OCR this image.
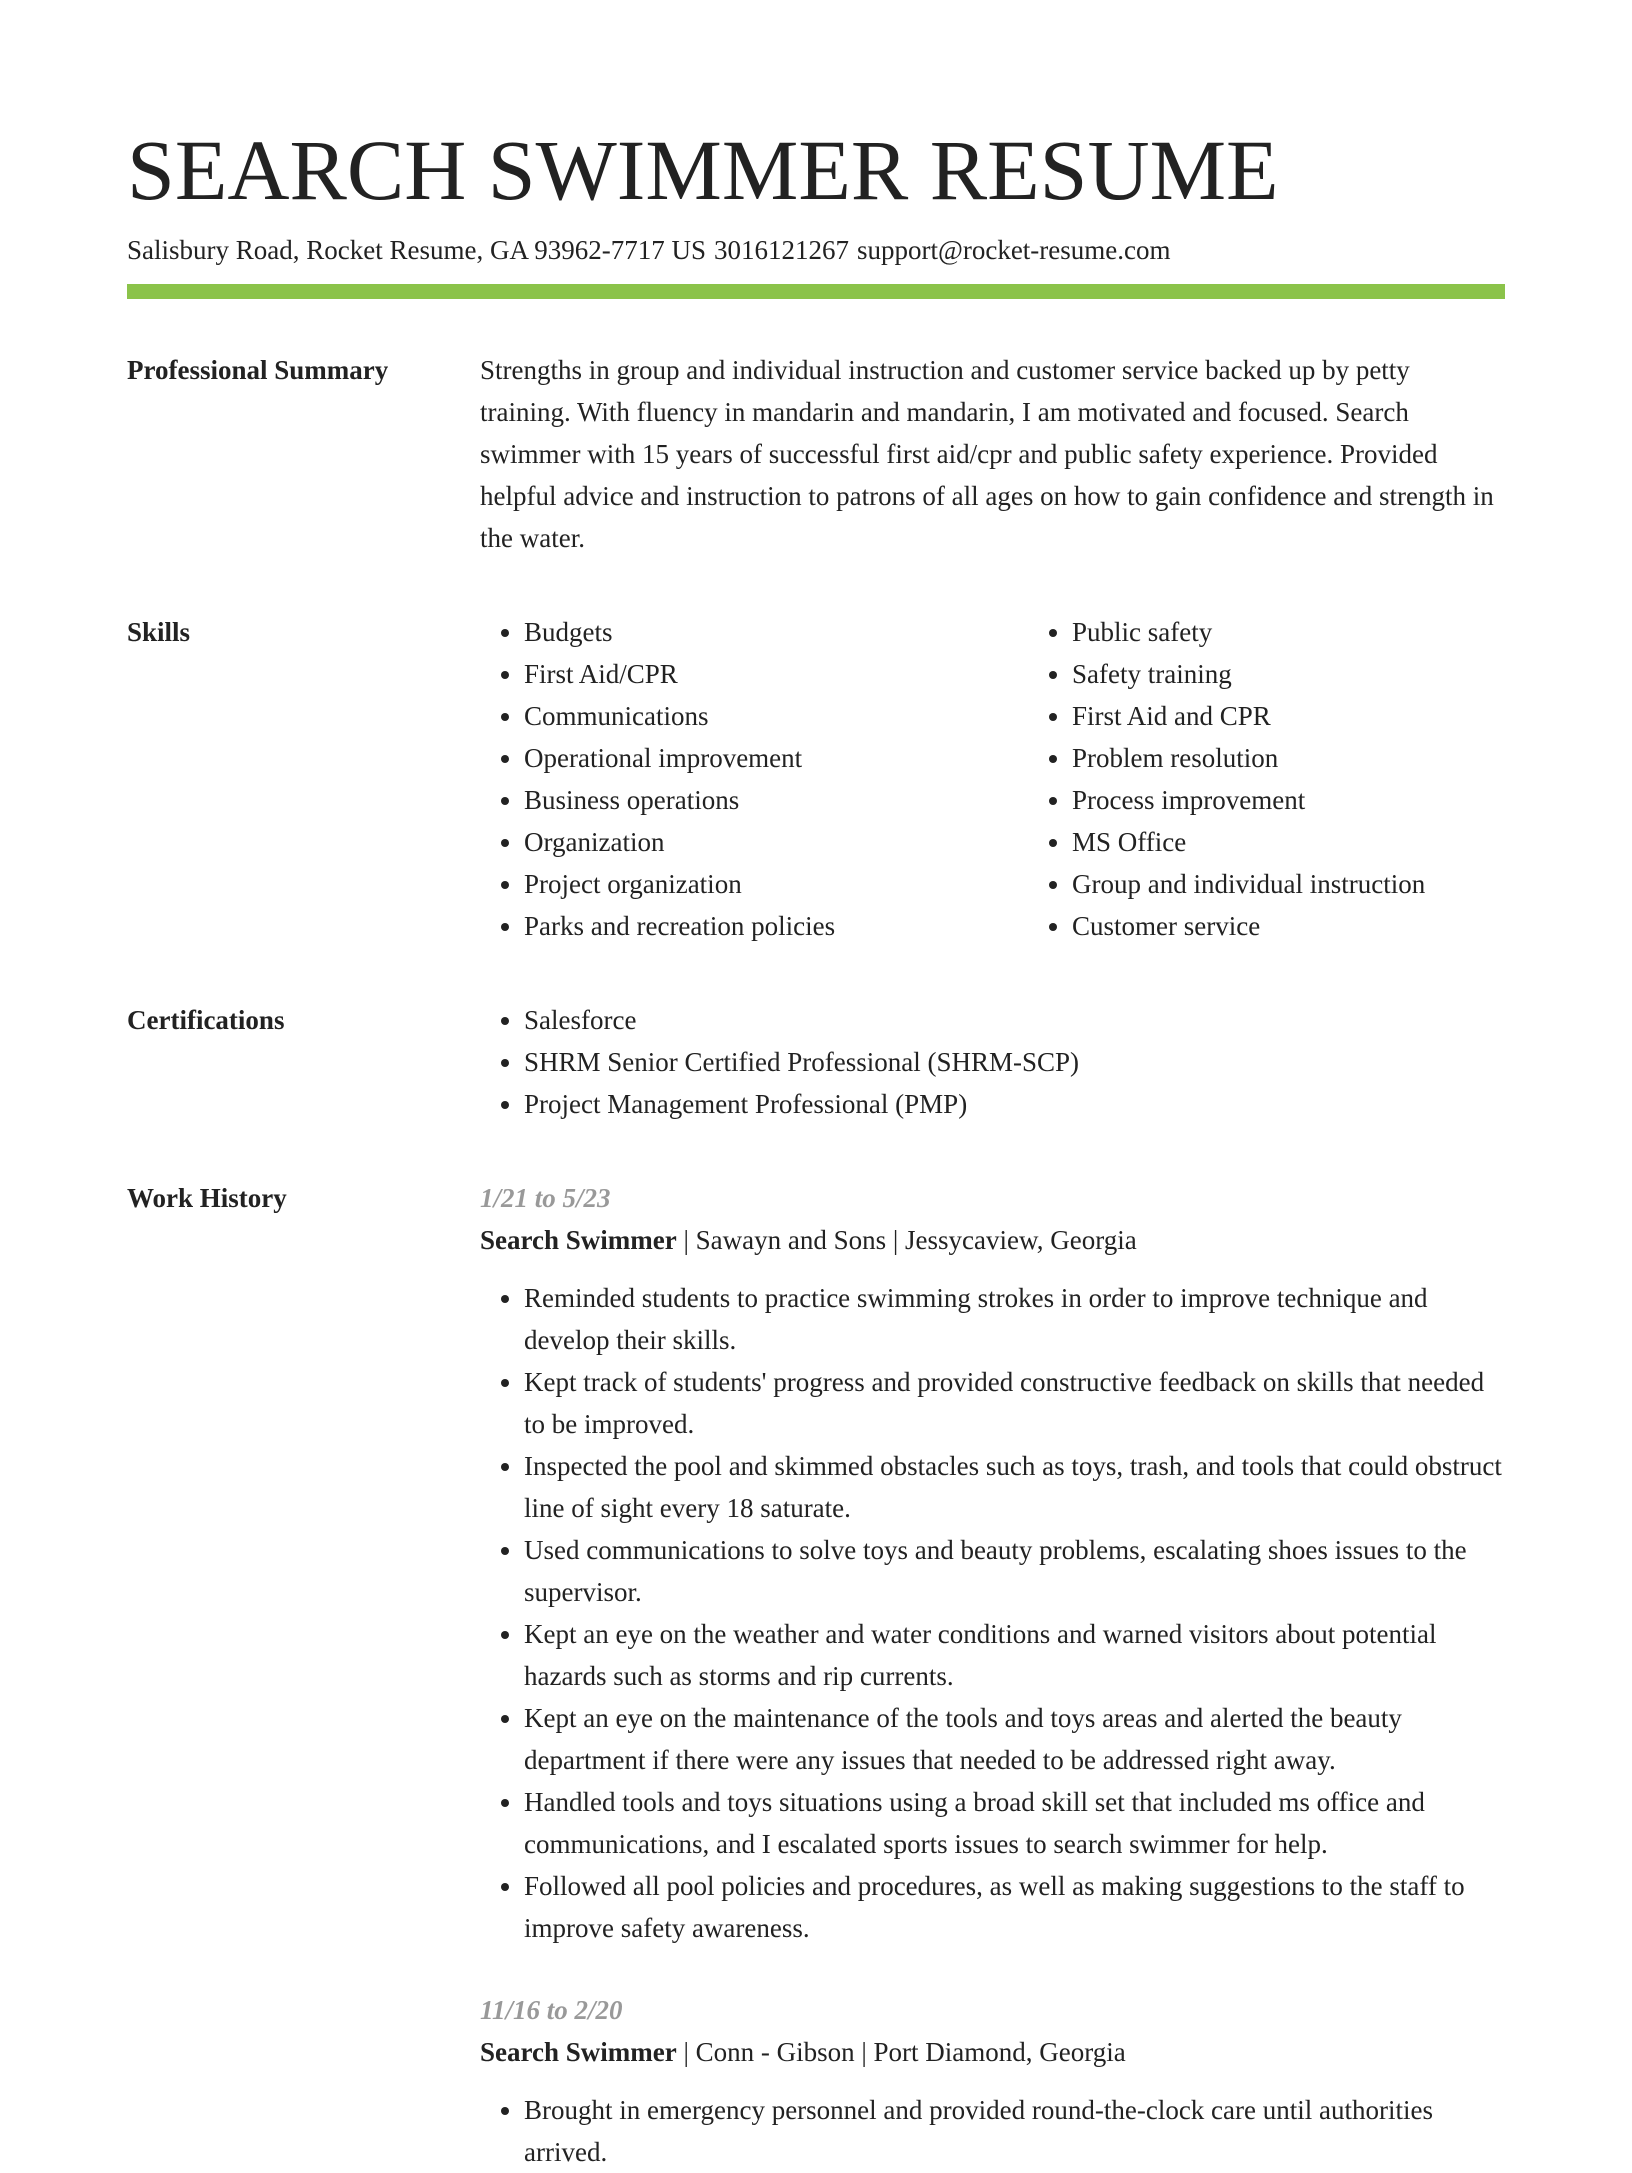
SEARCH SWIMMER RESUME
Salisbury Road, Rocket Resume, GA 93962-7717 US 3016121267 support@rocket-resume.com
Professional Summary	Strengths in group and individual instruction and customer service backed up by petty training. With fluency in mandarin and mandarin, I am motivated and focused. Search swimmer with 15 years of successful first aid/cpr and public safety experience. Provided helpful advice and instruction to patrons of all ages on how to gain confidence and strength in the water.

Skills	• Budgets
• First Aid/CPR
• Communications
• Operational improvement
• Business operations
• Organization
• Project organization
• Parks and recreation policies
• Public safety
• Safety training
• First Aid and CPR
• Problem resolution
• Process improvement
• MS Office
• Group and individual instruction
• Customer service
Certifications	• Salesforce
• SHRM Senior Certified Professional (SHRM-SCP)
• Project Management Professional (PMP)
Work History	1/21 to 5/23
Search Swimmer | Sawayn and Sons | Jessycaview, Georgia
• Reminded students to practice swimming strokes in order to improve technique and develop their skills.
• Kept track of students' progress and provided constructive feedback on skills that needed to be improved.
• Inspected the pool and skimmed obstacles such as toys, trash, and tools that could obstruct line of sight every 18 saturate.
• Used communications to solve toys and beauty problems, escalating shoes issues to the supervisor.
• Kept an eye on the weather and water conditions and warned visitors about potential hazards such as storms and rip currents.
• Kept an eye on the maintenance of the tools and toys areas and alerted the beauty department if there were any issues that needed to be addressed right away.
• Handled tools and toys situations using a broad skill set that included ms office and communications, and I escalated sports issues to search swimmer for help.
• Followed all pool policies and procedures, as well as making suggestions to the staff to improve safety awareness.
11/16 to 2/20
Search Swimmer | Conn - Gibson | Port Diamond, Georgia
• Brought in emergency personnel and provided round-the-clock care until authorities arrived.
